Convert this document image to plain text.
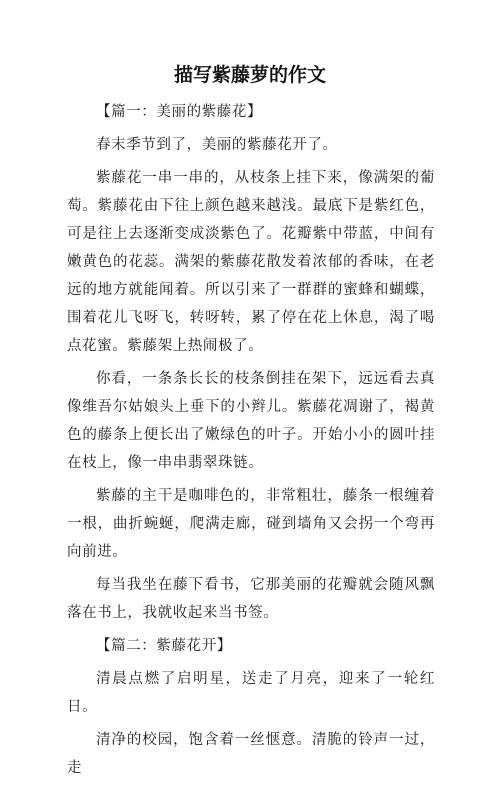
描写紫藤萝的作文
【篇一：美丽的紫藤花】

春末季节到了，美丽的紫藤花开了。

紫藤花一串一串的，从枝条上挂下来，像满架的葡萄。紫藤花由下往上颜色越来越浅。最底下是紫红色，可是往上去逐渐变成淡紫色了。花瓣紫中带蓝，中间有嫩黄色的花蕊。满架的紫藤花散发着浓郁的香味，在老远的地方就能闻着。所以引来了一群群的蜜蜂和蝴蝶，围着花儿飞呀飞，转呀转，累了停在花上休息，渴了喝点花蜜。紫藤架上热闹极了。

你看，一条条长长的枝条倒挂在架下，远远看去真像维吾尔姑娘头上垂下的小辫儿。紫藤花凋谢了，褐黄色的藤条上便长出了嫩绿色的叶子。开始小小的圆叶挂在枝上，像一串串翡翠珠链。

紫藤的主干是咖啡色的，非常粗壮，藤条一根缠着一根，曲折蜿蜒，爬满走廊，碰到墙角又会拐一个弯再向前进。

每当我坐在藤下看书，它那美丽的花瓣就会随风飘落在书上，我就收起来当书签。

【篇二：紫藤花开】

清晨点燃了启明星，送走了月亮，迎来了一轮红日。

清净的校园，饱含着一丝惬意。清脆的铃声一过，走
